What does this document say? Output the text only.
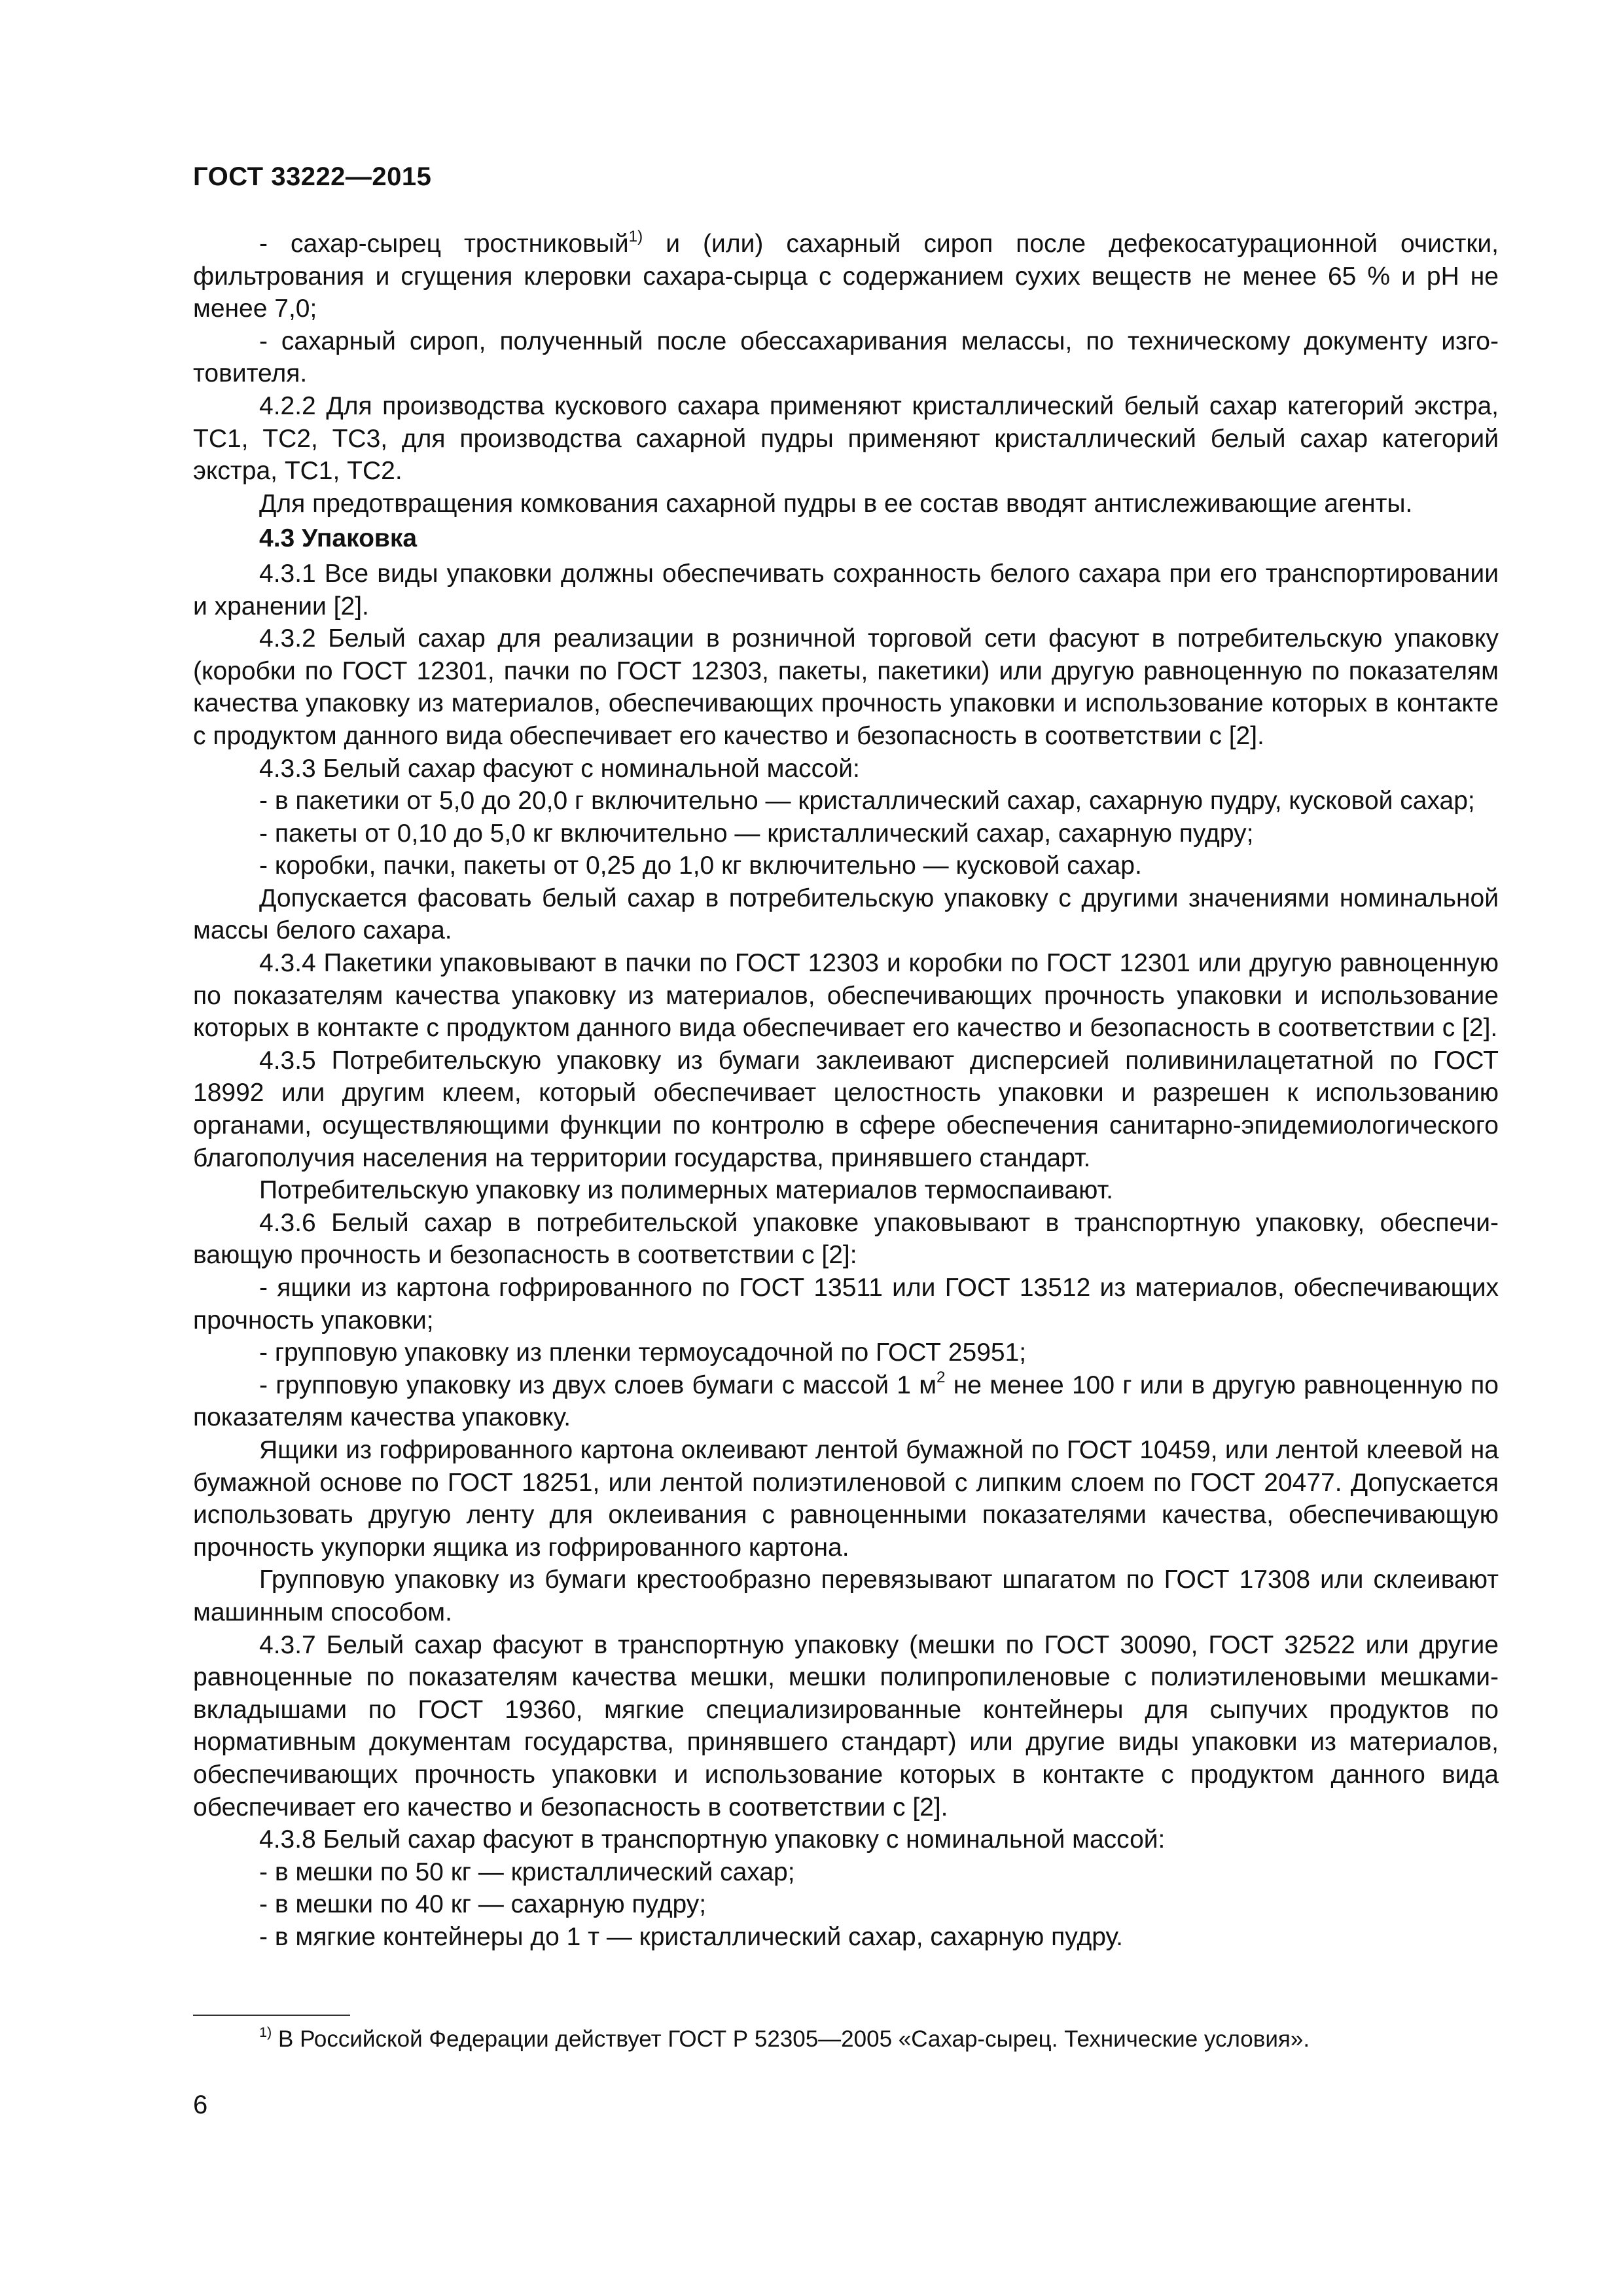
ГОСТ 33222—2015

- сахар-сырец тростниковый$^{1)}$ и (или) сахарный сироп после дефекосатурационной очистки, фильтрования и сгущения клеровки сахара-сырца с содержанием сухих веществ не менее 65 % и pH не менее 7,0;

- сахарный сироп, полученный после обессахаривания мелассы, по техническому документу изготовителя.

4.2.2 Для производства кускового сахара применяют кристаллический белый сахар категорий экстра, ТС1, ТС2, ТС3, для производства сахарной пудры применяют кристаллический белый сахар категорий экстра, ТС1, ТС2.

Для предотвращения комкования сахарной пудры в ее состав вводят антислеживающие агенты.

4.3 Упаковка

4.3.1 Все виды упаковки должны обеспечивать сохранность белого сахара при его транспортировании и хранении [2].

4.3.2 Белый сахар для реализации в розничной торговой сети фасуют в потребительскую упаковку (коробки по ГОСТ 12301, пачки по ГОСТ 12303, пакеты, пакетики) или другую равноценную по показателям качества упаковку из материалов, обеспечивающих прочность упаковки и использование которых в контакте с продуктом данного вида обеспечивает его качество и безопасность в соответствии с [2].

4.3.3 Белый сахар фасуют с номинальной массой:

- в пакетики от 5,0 до 20,0 г включительно — кристаллический сахар, сахарную пудру, кусковой сахар;

- пакеты от 0,10 до 5,0 кг включительно — кристаллический сахар, сахарную пудру;

- коробки, пачки, пакеты от 0,25 до 1,0 кг включительно — кусковой сахар.

Допускается фасовать белый сахар в потребительскую упаковку с другими значениями номинальной массы белого сахара.

4.3.4 Пакетики упаковывают в пачки по ГОСТ 12303 и коробки по ГОСТ 12301 или другую равноценную по показателям качества упаковку из материалов, обеспечивающих прочность упаковки и использование которых в контакте с продуктом данного вида обеспечивает его качество и безопасность в соответствии с [2].

4.3.5 Потребительскую упаковку из бумаги заклеивают дисперсией поливинилацетатной по ГОСТ 18992 или другим клеем, который обеспечивает целостность упаковки и разрешен к использованию органами, осуществляющими функции по контролю в сфере обеспечения санитарно-эпидемиологического благополучия населения на территории государства, принявшего стандарт.

Потребительскую упаковку из полимерных материалов термоспаивают.

4.3.6 Белый сахар в потребительской упаковке упаковывают в транспортную упаковку, обеспечивающую прочность и безопасность в соответствии с [2]:

- ящики из картона гофрированного по ГОСТ 13511 или ГОСТ 13512 из материалов, обеспечивающих прочность упаковки;

- групповую упаковку из пленки термоусадочной по ГОСТ 25951;

- групповую упаковку из двух слоев бумаги с массой 1 $м^2$ не менее 100 г или в другую равноценную по показателям качества упаковку.

Ящики из гофрированного картона оклеивают лентой бумажной по ГОСТ 10459, или лентой клеевой на бумажной основе по ГОСТ 18251, или лентой полиэтиленовой с липким слоем по ГОСТ 20477. Допускается использовать другую ленту для оклеивания с равноценными показателями качества, обеспечивающую прочность укупорки ящика из гофрированного картона.

Групповую упаковку из бумаги крестообразно перевязывают шпагатом по ГОСТ 17308 или склеивают машинным способом.

4.3.7 Белый сахар фасуют в транспортную упаковку (мешки по ГОСТ 30090, ГОСТ 32522 или другие равноценные по показателям качества мешки, мешки полипропиленовые с полиэтиленовыми мешками-вкладышами по ГОСТ 19360, мягкие специализированные контейнеры для сыпучих продуктов по нормативным документам государства, принявшего стандарт) или другие виды упаковки из материалов, обеспечивающих прочность упаковки и использование которых в контакте с продуктом данного вида обеспечивает его качество и безопасность в соответствии с [2].

4.3.8 Белый сахар фасуют в транспортную упаковку с номинальной массой:

- в мешки по 50 кг — кристаллический сахар;

- в мешки по 40 кг — сахарную пудру;

- в мягкие контейнеры до 1 т — кристаллический сахар, сахарную пудру.

$^{1)}$ В Российской Федерации действует ГОСТ Р 52305—2005 «Сахар-сырец. Технические условия».
6
